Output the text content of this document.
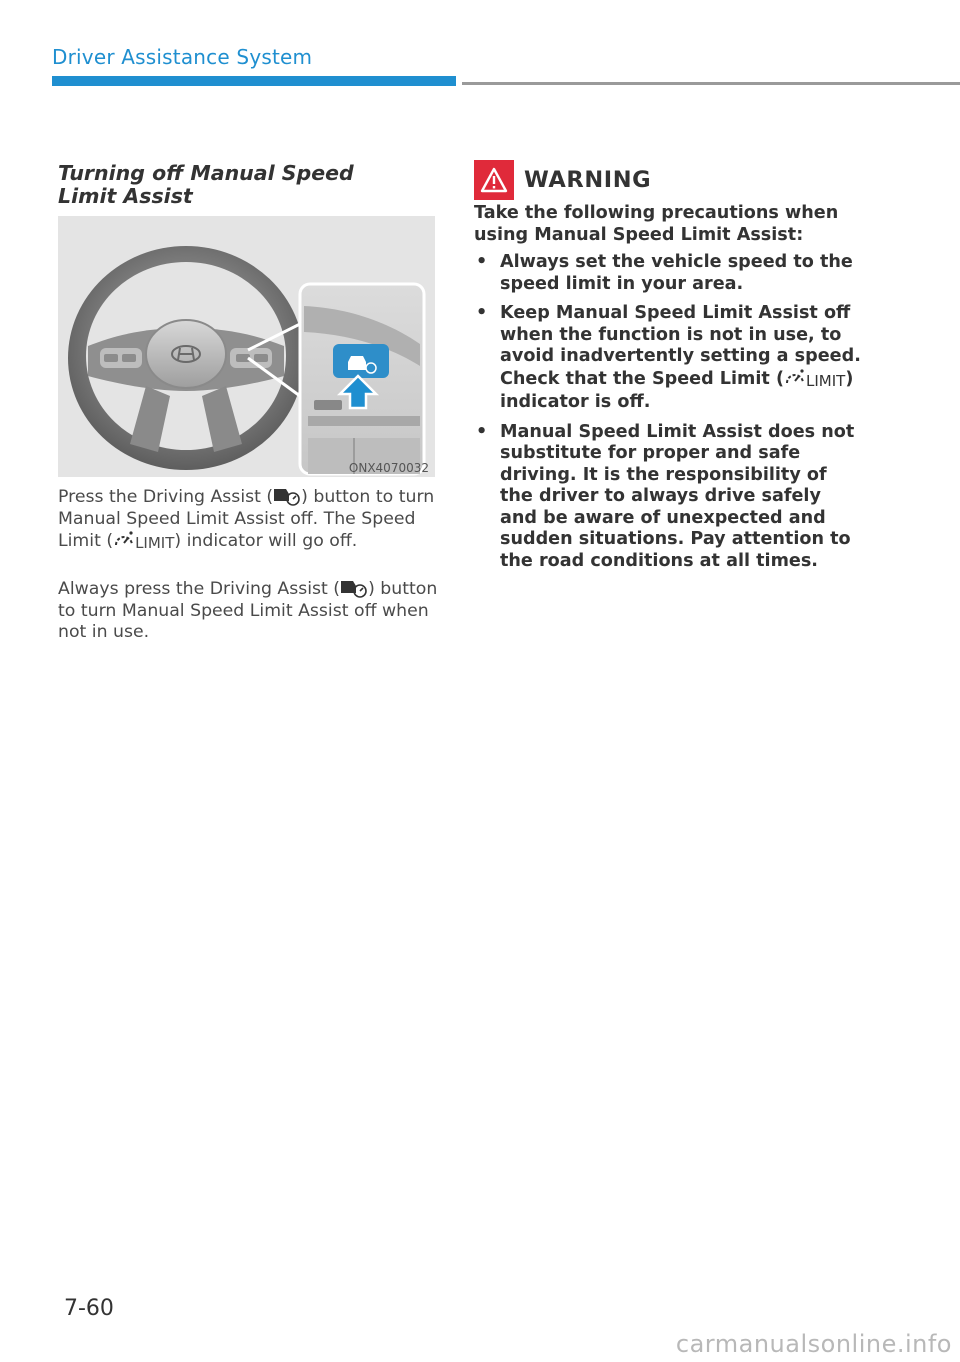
Driver Assistance System
Turning off Manual Speed Limit Assist
ONX4070032

Press the Driving Assist ( ) button to turn Manual Speed Limit Assist off. The Speed Limit ( LIMIT) indicator will go off.

Always press the Driving Assist ( ) button to turn Manual Speed Limit Assist off when not in use.

WARNING

Take the following precautions when using Manual Speed Limit Assist:

• Always set the vehicle speed to the speed limit in your area.
• Keep Manual Speed Limit Assist off when the function is not in use, to avoid inadvertently setting a speed. Check that the Speed Limit ( LIMIT) indicator is off.
• Manual Speed Limit Assist does not substitute for proper and safe driving. It is the responsibility of the driver to always drive safely and be aware of unexpected and sudden situations. Pay attention to the road conditions at all times.
7-60
carmanualsonline.info
